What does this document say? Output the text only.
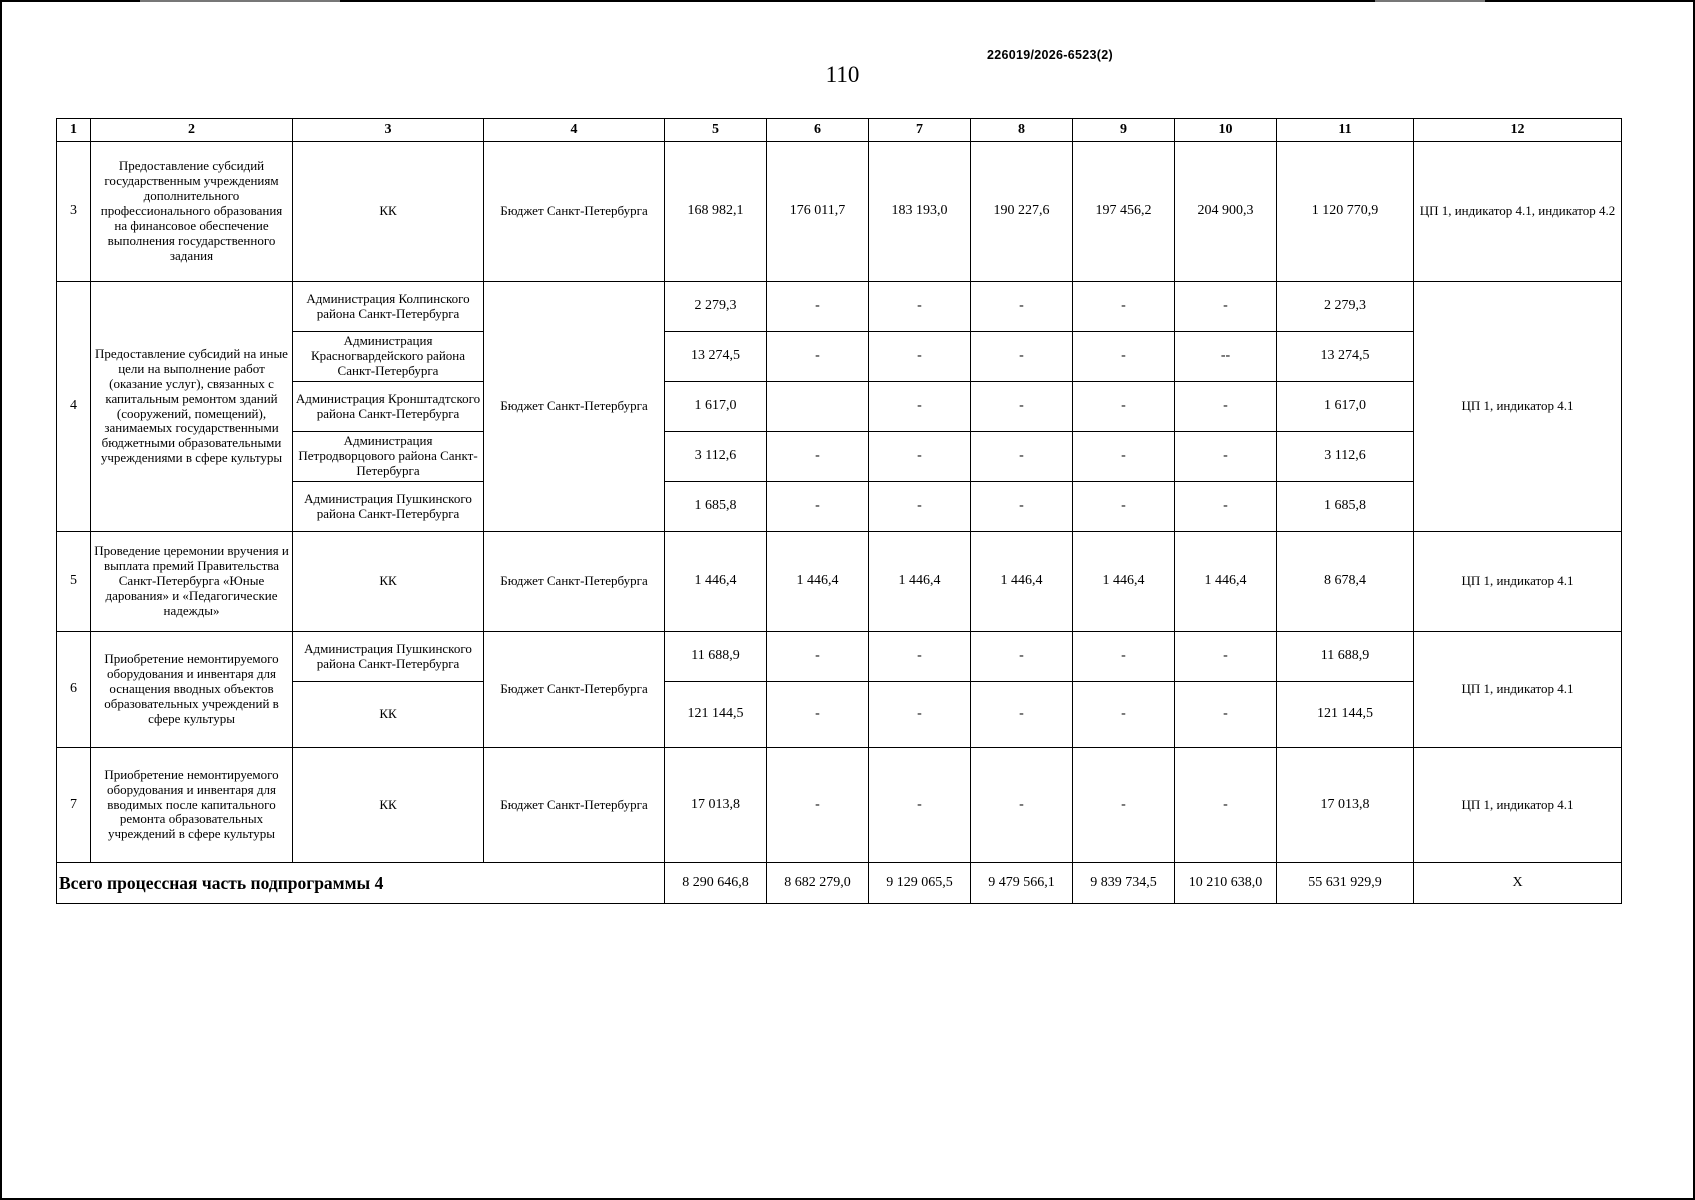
226019/2026-6523(2)
110
1	2	3	4	5	6	7	8	9	10	11	12
3	Предоставление субсидий государственным учреждениям дополнительного профессионального образования на финансовое обеспечение выполнения государственного задания	КК	Бюджет Санкт-Петербурга	168 982,1	176 011,7	183 193,0	190 227,6	197 456,2	204 900,3	1 120 770,9	ЦП 1, индикатор 4.1, индикатор 4.2
4	Предоставление субсидий на иные цели на выполнение работ (оказание услуг), связанных с капитальным ремонтом зданий (сооружений, помещений), занимаемых государственными бюджетными образовательными учреждениями в сфере культуры	Администрация Колпинского района Санкт-Петербурга	Бюджет Санкт-Петербурга	2 279,3	-	-	-	-	-	2 279,3	ЦП 1, индикатор 4.1
		Администрация Красногвардейского района Санкт-Петербурга		13 274,5	-	-	-	-	--	13 274,5	
		Администрация Кронштадтского района Санкт-Петербурга		1 617,0		-	-	-	-	1 617,0	
		Администрация Петродворцового района Санкт-Петербурга		3 112,6	-	-	-	-	-	3 112,6	
		Администрация Пушкинского района Санкт-Петербурга		1 685,8	-	-	-	-	-	1 685,8	
5	Проведение церемонии вручения и выплата премий Правительства Санкт-Петербурга «Юные дарования» и «Педагогические надежды»	КК	Бюджет Санкт-Петербурга	1 446,4	1 446,4	1 446,4	1 446,4	1 446,4	1 446,4	8 678,4	ЦП 1, индикатор 4.1
6	Приобретение немонтируемого оборудования и инвентаря для оснащения вводных объектов образовательных учреждений в сфере культуры	Администрация Пушкинского района Санкт-Петербурга	Бюджет Санкт-Петербурга	11 688,9	-	-	-	-	-	11 688,9	ЦП 1, индикатор 4.1
		КК		121 144,5	-	-	-	-	-	121 144,5	
7	Приобретение немонтируемого оборудования и инвентаря для вводимых после капитального ремонта образовательных учреждений в сфере культуры	КК	Бюджет Санкт-Петербурга	17 013,8	-	-	-	-	-	17 013,8	ЦП 1, индикатор 4.1
Всего процессная часть подпрограммы 4				8 290 646,8	8 682 279,0	9 129 065,5	9 479 566,1	9 839 734,5	10 210 638,0	55 631 929,9	X
